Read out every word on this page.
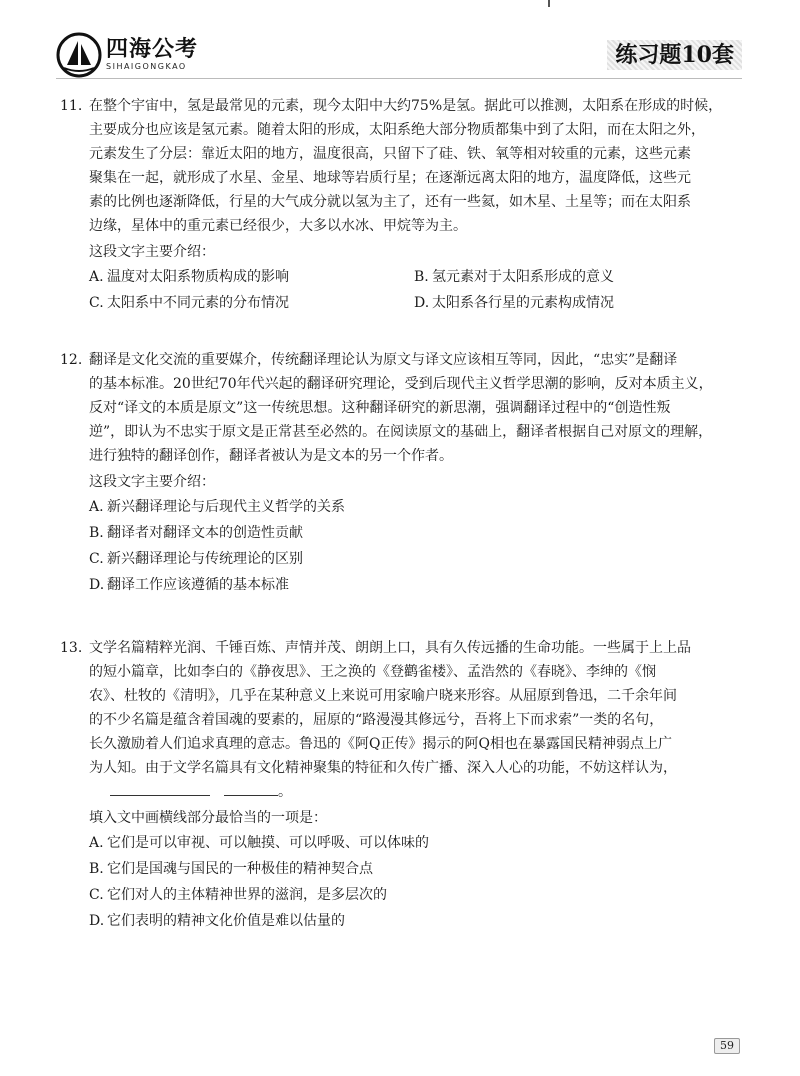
四海公考
SIHAIGONGKAO	练习题10套

11. 在整个宇宙中，氢是最常见的元素，现今太阳中大约75%是氢。据此可以推测，太阳系在形成的时候，

主要成分也应该是氢元素。随着太阳的形成，太阳系绝大部分物质都集中到了太阳，而在太阳之外，

元素发生了分层：靠近太阳的地方，温度很高，只留下了硅、铁、氧等相对较重的元素，这些元素

聚集在一起，就形成了水星、金星、地球等岩质行星；在逐渐远离太阳的地方，温度降低，这些元

素的比例也逐渐降低，行星的大气成分就以氢为主了，还有一些氦，如木星、土星等；而在太阳系

边缘，星体中的重元素已经很少，大多以水冰、甲烷等为主。

这段文字主要介绍：

A. 温度对太阳系物质构成的影响	B. 氢元素对于太阳系形成的意义
C. 太阳系中不同元素的分布情况	D. 太阳系各行星的元素构成情况

12. 翻译是文化交流的重要媒介，传统翻译理论认为原文与译文应该相互等同，因此，“忠实”是翻译

的基本标准。20世纪70年代兴起的翻译研究理论，受到后现代主义哲学思潮的影响，反对本质主义，

反对“译文的本质是原文”这一传统思想。这种翻译研究的新思潮，强调翻译过程中的“创造性叛

逆”，即认为不忠实于原文是正常甚至必然的。在阅读原文的基础上，翻译者根据自己对原文的理解，

进行独特的翻译创作，翻译者被认为是文本的另一个作者。

这段文字主要介绍：

A. 新兴翻译理论与后现代主义哲学的关系
B. 翻译者对翻译文本的创造性贡献
C. 新兴翻译理论与传统理论的区别
D. 翻译工作应该遵循的基本标准

13. 文学名篇精粹光润、千锤百炼、声情并茂、朗朗上口，具有久传远播的生命功能。一些属于上上品

的短小篇章，比如李白的《静夜思》、王之涣的《登鹳雀楼》、孟浩然的《春晓》、李绅的《悯

农》、杜牧的《清明》，几乎在某种意义上来说可用家喻户晓来形容。从屈原到鲁迅，二千余年间

的不少名篇是蕴含着国魂的要素的，屈原的“路漫漫其修远兮，吾将上下而求索”一类的名句，

长久激励着人们追求真理的意志。鲁迅的《阿Q正传》揭示的阿Q相也在暴露国民精神弱点上广

为人知。由于文学名篇具有文化精神聚集的特征和久传广播、深入人心的功能，不妨这样认为，

。

填入文中画横线部分最恰当的一项是：

A. 它们是可以审视、可以触摸、可以呼吸、可以体味的
B. 它们是国魂与国民的一种极佳的精神契合点
C. 它们对人的主体精神世界的滋润，是多层次的
D. 它们表明的精神文化价值是难以估量的
59
